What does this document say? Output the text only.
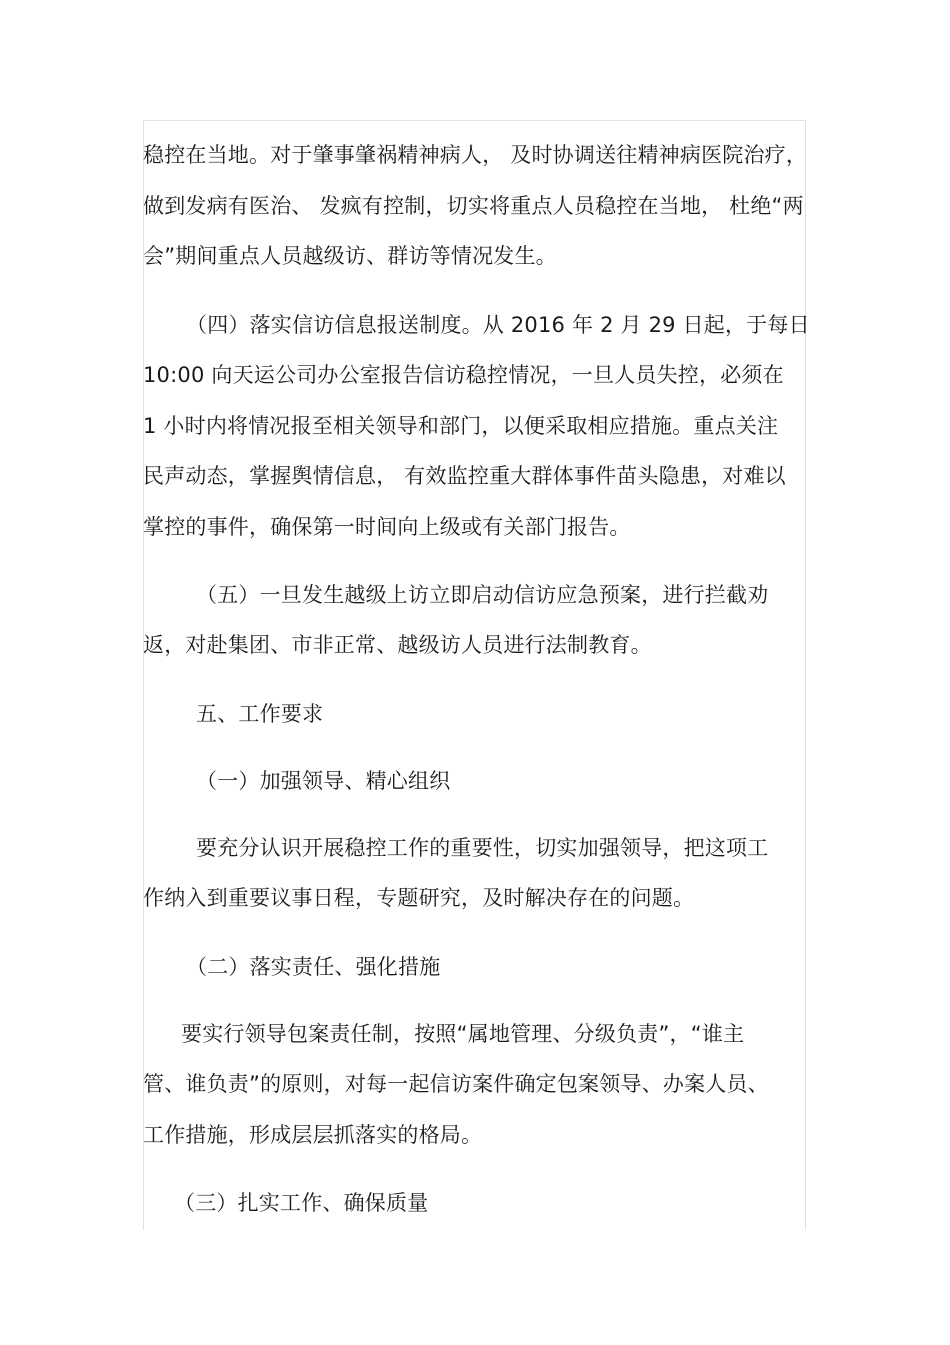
稳控在当地。对于肇事肇祸精神病人， 及时协调送往精神病医院治疗，

做到发病有医治、 发疯有控制，切实将重点人员稳控在当地， 杜绝“两

会”期间重点人员越级访、群访等情况发生。

（四）落实信访信息报送制度。从 2016 年 2 月 29 日起，于每日

10:00 向天运公司办公室报告信访稳控情况，一旦人员失控，必须在

1 小时内将情况报至相关领导和部门，以便采取相应措施。重点关注

民声动态，掌握舆情信息， 有效监控重大群体事件苗头隐患，对难以

掌控的事件，确保第一时间向上级或有关部门报告。

（五）一旦发生越级上访立即启动信访应急预案，进行拦截劝

返，对赴集团、市非正常、越级访人员进行法制教育。

五、工作要求

（一）加强领导、精心组织

要充分认识开展稳控工作的重要性，切实加强领导，把这项工

作纳入到重要议事日程，专题研究，及时解决存在的问题。

（二）落实责任、强化措施

要实行领导包案责任制，按照“属地管理、分级负责”，“谁主

管、谁负责”的原则，对每一起信访案件确定包案领导、办案人员、

工作措施，形成层层抓落实的格局。

（三）扎实工作、确保质量
